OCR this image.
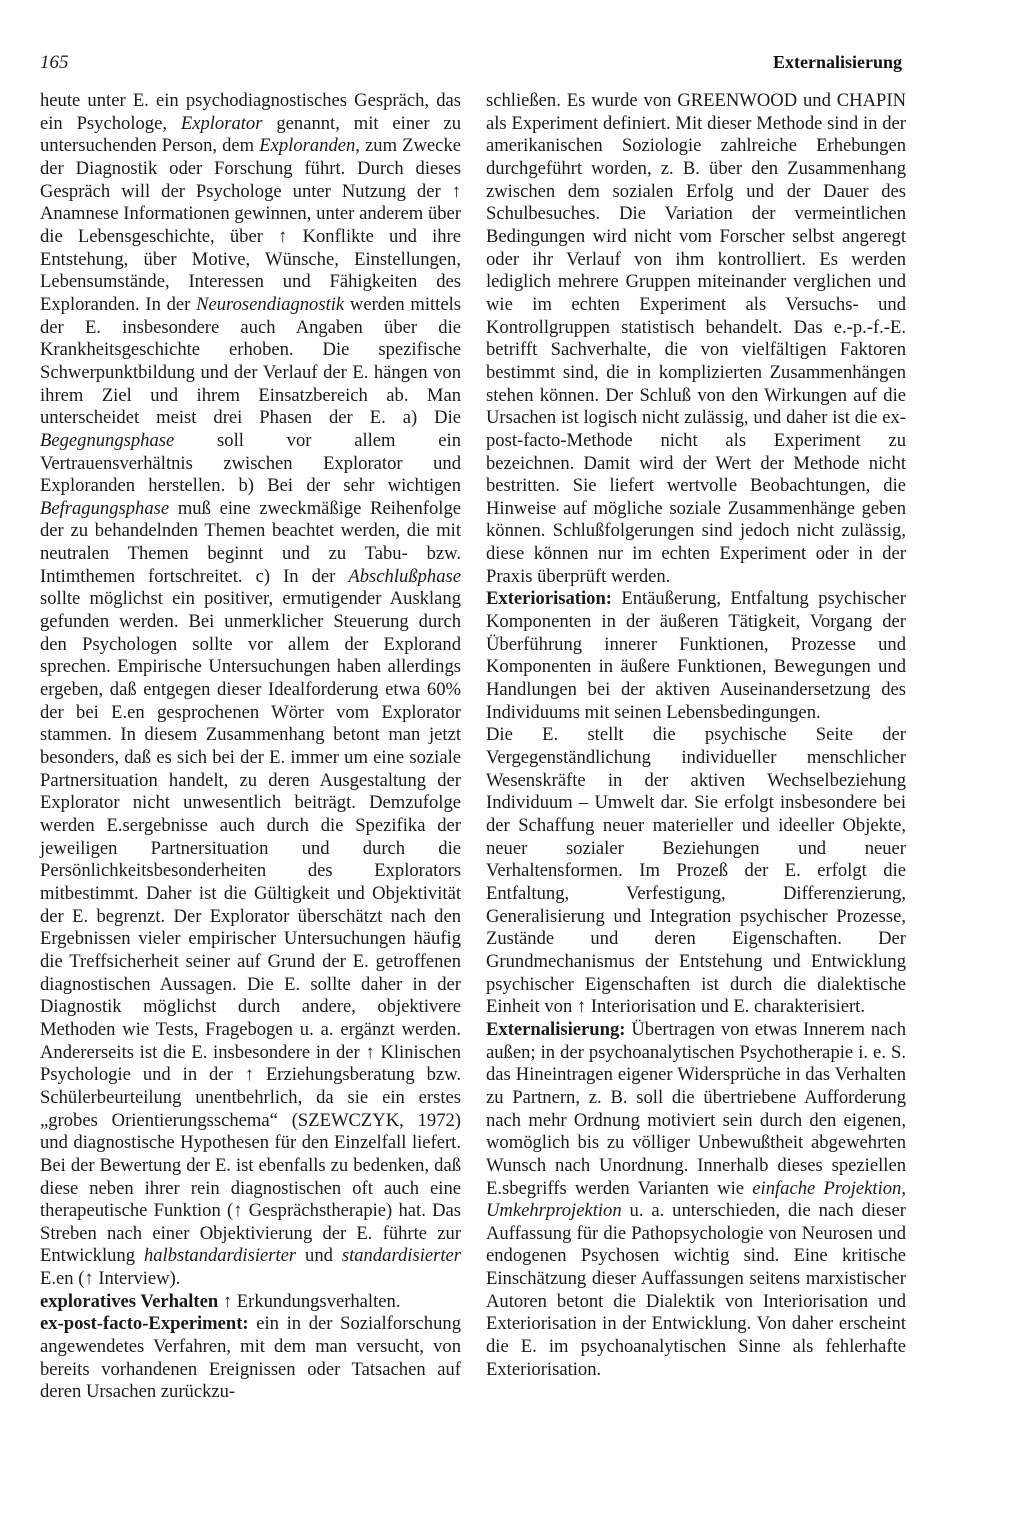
165	Externalisierung

heute unter E. ein psychodiagnostisches Gespräch, das ein Psychologe, Explorator genannt, mit einer zu untersuchenden Person, dem Exploranden, zum Zwecke der Diagnostik oder Forschung führt. Durch dieses Gespräch will der Psychologe unter Nutzung der ↑ Anamnese Informationen gewinnen, unter anderem über die Lebensgeschichte, über ↑ Konflikte und ihre Entstehung, über Motive, Wünsche, Einstellungen, Lebensumstände, Interessen und Fähigkeiten des Exploranden. In der Neurosendiagnostik werden mittels der E. insbesondere auch Angaben über die Krankheitsgeschichte erhoben. Die spezifische Schwerpunktbildung und der Verlauf der E. hängen von ihrem Ziel und ihrem Einsatzbereich ab. Man unterscheidet meist drei Phasen der E. a) Die Begegnungsphase soll vor allem ein Vertrauensverhältnis zwischen Explorator und Exploranden herstellen. b) Bei der sehr wichtigen Befragungsphase muß eine zweckmäßige Reihenfolge der zu behandelnden Themen beachtet werden, die mit neutralen Themen beginnt und zu Tabu- bzw. Intimthemen fortschreitet. c) In der Abschlußphase sollte möglichst ein positiver, ermutigender Ausklang gefunden werden. Bei unmerklicher Steuerung durch den Psychologen sollte vor allem der Explorand sprechen. Empirische Untersuchungen haben allerdings ergeben, daß entgegen dieser Idealforderung etwa 60% der bei E.en gesprochenen Wörter vom Explorator stammen. In diesem Zusammenhang betont man jetzt besonders, daß es sich bei der E. immer um eine soziale Partnersituation handelt, zu deren Ausgestaltung der Explorator nicht unwesentlich beiträgt. Demzufolge werden E.sergebnisse auch durch die Spezifika der jeweiligen Partnersituation und durch die Persönlichkeitsbesonderheiten des Explorators mitbestimmt. Daher ist die Gültigkeit und Objektivität der E. begrenzt. Der Explorator überschätzt nach den Ergebnissen vieler empirischer Untersuchungen häufig die Treffsicherheit seiner auf Grund der E. getroffenen diagnostischen Aussagen. Die E. sollte daher in der Diagnostik möglichst durch andere, objektivere Methoden wie Tests, Fragebogen u. a. ergänzt werden. Andererseits ist die E. insbesondere in der ↑ Klinischen Psychologie und in der ↑ Erziehungsberatung bzw. Schülerbeurteilung unentbehrlich, da sie ein erstes „grobes Orientierungsschema“ (SZEWCZYK, 1972) und diagnostische Hypothesen für den Einzelfall liefert. Bei der Bewertung der E. ist ebenfalls zu bedenken, daß diese neben ihrer rein diagnostischen oft auch eine therapeutische Funktion (↑ Gesprächstherapie) hat. Das Streben nach einer Objektivierung der E. führte zur Entwicklung halbstandardisierter und standardisierter E.en (↑ Interview).

exploratives Verhalten ↑ Erkundungsverhalten.

ex-post-facto-Experiment: ein in der Sozialforschung angewendetes Verfahren, mit dem man versucht, von bereits vorhandenen Ereignissen oder Tatsachen auf deren Ursachen zurückzu-

schließen. Es wurde von GREENWOOD und CHAPIN als Experiment definiert. Mit dieser Methode sind in der amerikanischen Soziologie zahlreiche Erhebungen durchgeführt worden, z. B. über den Zusammenhang zwischen dem sozialen Erfolg und der Dauer des Schulbesuches. Die Variation der vermeintlichen Bedingungen wird nicht vom Forscher selbst angeregt oder ihr Verlauf von ihm kontrolliert. Es werden lediglich mehrere Gruppen miteinander verglichen und wie im echten Experiment als Versuchs- und Kontrollgruppen statistisch behandelt. Das e.-p.-f.-E. betrifft Sachverhalte, die von vielfältigen Faktoren bestimmt sind, die in komplizierten Zusammenhängen stehen können. Der Schluß von den Wirkungen auf die Ursachen ist logisch nicht zulässig, und daher ist die ex-post-facto-Methode nicht als Experiment zu bezeichnen. Damit wird der Wert der Methode nicht bestritten. Sie liefert wertvolle Beobachtungen, die Hinweise auf mögliche soziale Zusammenhänge geben können. Schlußfolgerungen sind jedoch nicht zulässig, diese können nur im echten Experiment oder in der Praxis überprüft werden.

Exteriorisation: Entäußerung, Entfaltung psychischer Komponenten in der äußeren Tätigkeit, Vorgang der Überführung innerer Funktionen, Prozesse und Komponenten in äußere Funktionen, Bewegungen und Handlungen bei der aktiven Auseinandersetzung des Individuums mit seinen Lebensbedingungen.

Die E. stellt die psychische Seite der Vergegenständlichung individueller menschlicher Wesenskräfte in der aktiven Wechselbeziehung Individuum – Umwelt dar. Sie erfolgt insbesondere bei der Schaffung neuer materieller und ideeller Objekte, neuer sozialer Beziehungen und neuer Verhaltensformen. Im Prozeß der E. erfolgt die Entfaltung, Verfestigung, Differenzierung, Generalisierung und Integration psychischer Prozesse, Zustände und deren Eigenschaften. Der Grundmechanismus der Entstehung und Entwicklung psychischer Eigenschaften ist durch die dialektische Einheit von ↑ Interiorisation und E. charakterisiert.

Externalisierung: Übertragen von etwas Innerem nach außen; in der psychoanalytischen Psychotherapie i. e. S. das Hineintragen eigener Widersprüche in das Verhalten zu Partnern, z. B. soll die übertriebene Aufforderung nach mehr Ordnung motiviert sein durch den eigenen, womöglich bis zu völliger Unbewußtheit abgewehrten Wunsch nach Unordnung. Innerhalb dieses speziellen E.sbegriffs werden Varianten wie einfache Projektion, Umkehrprojektion u. a. unterschieden, die nach dieser Auffassung für die Pathopsychologie von Neurosen und endogenen Psychosen wichtig sind. Eine kritische Einschätzung dieser Auffassungen seitens marxistischer Autoren betont die Dialektik von Interiorisation und Exteriorisation in der Entwicklung. Von daher erscheint die E. im psychoanalytischen Sinne als fehlerhafte Exteriorisation.
